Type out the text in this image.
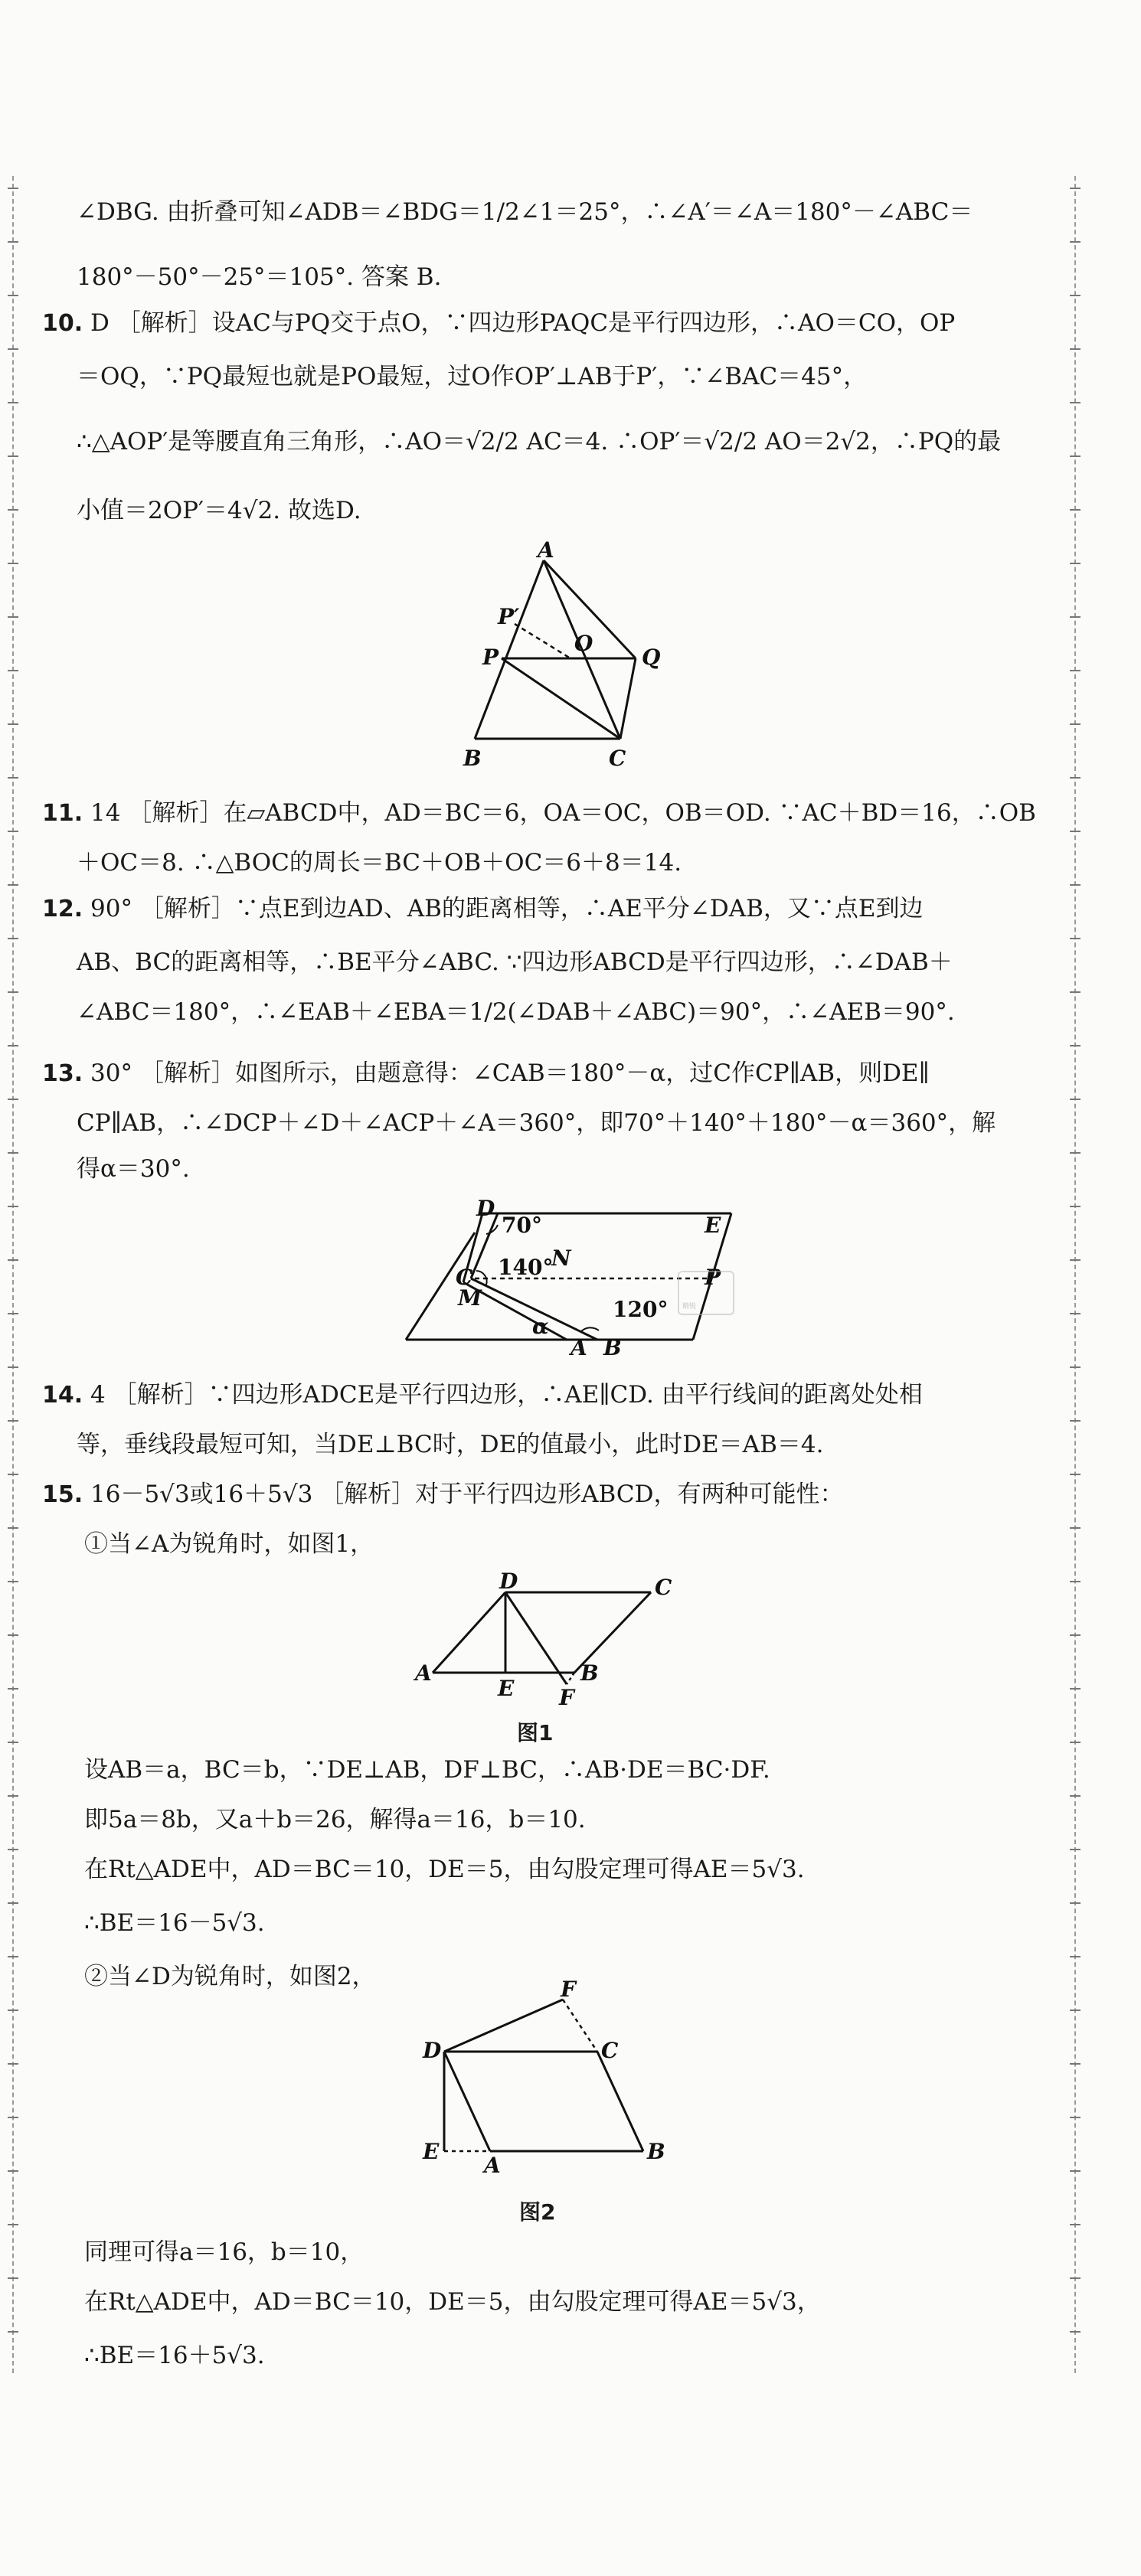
∠DBG. 由折叠可知∠ADB＝∠BDG＝1/2∠1＝25°，∴∠A′＝∠A＝180°－∠ABC＝
180°－50°－25°＝105°. 答案 B.
10. D ［解析］设AC与PQ交于点O，∵四边形PAQC是平行四边形，∴AO＝CO，OP
＝OQ，∵PQ最短也就是PO最短，过O作OP′⊥AB于P′，∵∠BAC＝45°，
∴△AOP′是等腰直角三角形，∴AO＝√2/2 AC＝4. ∴OP′＝√2/2 AO＝2√2，∴PQ的最
小值＝2OP′＝4√2. 故选D.
A
P′
P
O
Q
B	C
11. 14 ［解析］在▱ABCD中，AD＝BC＝6，OA＝OC，OB＝OD. ∵AC＋BD＝16，∴OB
＋OC＝8. ∴△BOC的周长＝BC＋OB＋OC＝6＋8＝14.
12. 90° ［解析］∵点E到边AD、AB的距离相等，∴AE平分∠DAB，又∵点E到边
AB、BC的距离相等，∴BE平分∠ABC. ∵四边形ABCD是平行四边形，∴∠DAB＋
∠ABC＝180°，∴∠EAB＋∠EBA＝1/2(∠DAB＋∠ABC)＝90°，∴∠AEB＝90°.
13. 30° ［解析］如图所示，由题意得：∠CAB＝180°－α，过C作CP∥AB，则DE∥
CP∥AB，∴∠DCP＋∠D＋∠ACP＋∠A＝360°，即70°＋140°＋180°－α＝360°，解
得α＝30°.
D
E
M
C
N
P
A B
α
70°
140°
120° 精锐
14. 4 ［解析］∵四边形ADCE是平行四边形，∴AE∥CD. 由平行线间的距离处处相
等，垂线段最短可知，当DE⊥BC时，DE的值最小，此时DE＝AB＝4.
15. 16－5√3或16＋5√3 ［解析］对于平行四边形ABCD，有两种可能性：
①当∠A为锐角时，如图1，
D	C
A
E
B
F
图1
设AB＝a，BC＝b，∵DE⊥AB，DF⊥BC，∴AB·DE＝BC·DF.
即5a＝8b，又a＋b＝26，解得a＝16，b＝10.
在Rt△ADE中，AD＝BC＝10，DE＝5，由勾股定理可得AE＝5√3.
∴BE＝16－5√3.
②当∠D为锐角时，如图2，	F
D	C
E
A
B
图2
同理可得a＝16，b＝10，
在Rt△ADE中，AD＝BC＝10，DE＝5，由勾股定理可得AE＝5√3，
∴BE＝16＋5√3.
